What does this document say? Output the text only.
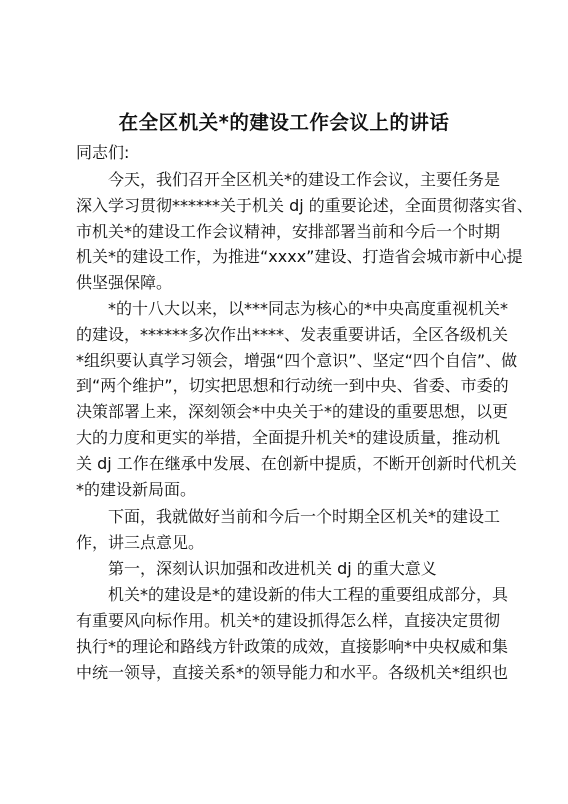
在全区机关*的建设工作会议上的讲话
同志们:
今天，我们召开全区机关*的建设工作会议，主要任务是
深入学习贯彻******关于机关 dj 的重要论述，全面贯彻落实省、
市机关*的建设工作会议精神，安排部署当前和今后一个时期
机关*的建设工作，为推进“xxxx”建设、打造省会城市新中心提
供坚强保障。
*的十八大以来，以***同志为核心的*中央高度重视机关*
的建设，******多次作出****、发表重要讲话，全区各级机关
*组织要认真学习领会，增强“四个意识”、坚定“四个自信”、做
到“两个维护”，切实把思想和行动统一到中央、省委、市委的
决策部署上来，深刻领会*中央关于*的建设的重要思想，以更
大的力度和更实的举措，全面提升机关*的建设质量，推动机
关 dj 工作在继承中发展、在创新中提质，不断开创新时代机关
*的建设新局面。
下面，我就做好当前和今后一个时期全区机关*的建设工
作，讲三点意见。
第一，深刻认识加强和改进机关 dj 的重大意义
机关*的建设是*的建设新的伟大工程的重要组成部分，具
有重要风向标作用。机关*的建设抓得怎么样，直接决定贯彻
执行*的理论和路线方针政策的成效，直接影响*中央权威和集
中统一领导，直接关系*的领导能力和水平。各级机关*组织也
